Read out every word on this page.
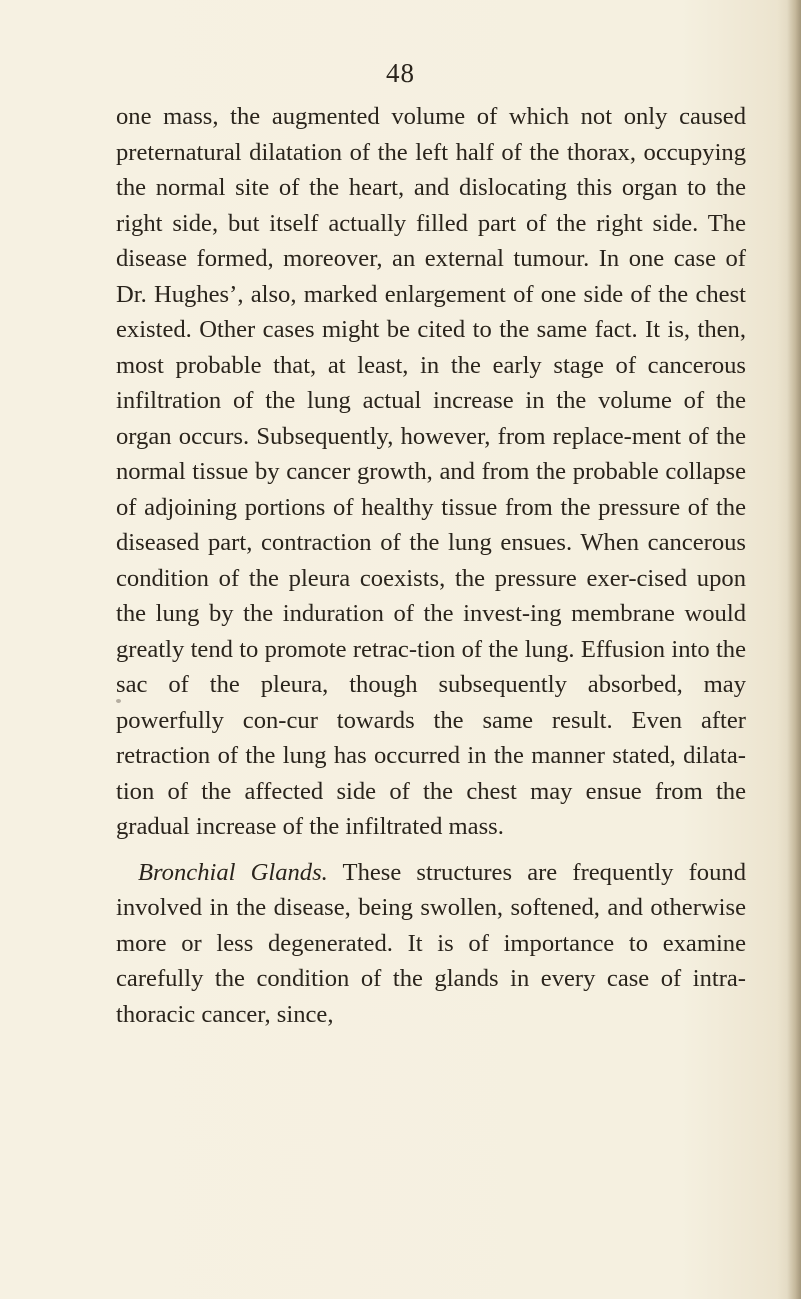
48

one mass, the augmented volume of which not only caused preternatural dilatation of the left half of the thorax, occupying the normal site of the heart, and dislocating this organ to the right side, but itself actually filled part of the right side. The disease formed, moreover, an external tumour. In one case of Dr. Hughes’, also, marked enlargement of one side of the chest existed. Other cases might be cited to the same fact. It is, then, most probable that, at least, in the early stage of cancerous infiltration of the lung actual increase in the volume of the organ occurs. Subsequently, however, from replace-ment of the normal tissue by cancer growth, and from the probable collapse of adjoining portions of healthy tissue from the pressure of the diseased part, contraction of the lung ensues. When cancerous condition of the pleura coexists, the pressure exer-cised upon the lung by the induration of the invest-ing membrane would greatly tend to promote retrac-tion of the lung. Effusion into the sac of the pleura, though subsequently absorbed, may powerfully con-cur towards the same result. Even after retraction of the lung has occurred in the manner stated, dilata-tion of the affected side of the chest may ensue from the gradual increase of the infiltrated mass.

Bronchial Glands. These structures are frequently found involved in the disease, being swollen, softened, and otherwise more or less degenerated. It is of importance to examine carefully the condition of the glands in every case of intra-thoracic cancer, since,
